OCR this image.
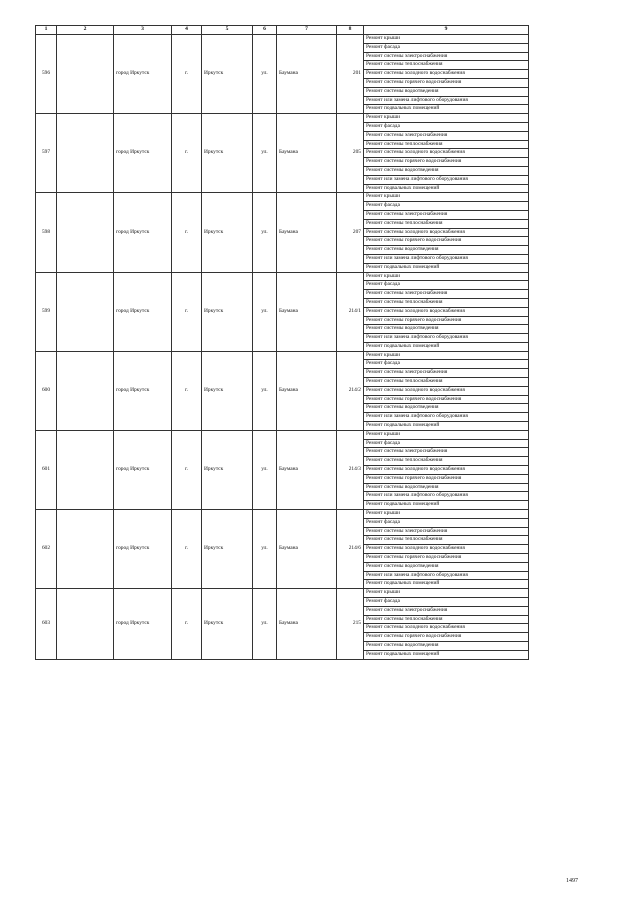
1	2	3	4	5	6	7	8	9
596		город Иркутск	г.	Иркутск	ул.	Баумана	201	Ремонт крыши
								Ремонт фасада
								Ремонт системы электроснабжения
								Ремонт системы теплоснабжения
								Ремонт системы холодного водоснабжения
								Ремонт системы горячего водоснабжения
								Ремонт системы водоотведения
								Ремонт или замена лифтового оборудования
								Ремонт подвальных помещений
597		город Иркутск	г.	Иркутск	ул.	Баумана	205	Ремонт крыши
								Ремонт фасада
								Ремонт системы электроснабжения
								Ремонт системы теплоснабжения
								Ремонт системы холодного водоснабжения
								Ремонт системы горячего водоснабжения
								Ремонт системы водоотведения
								Ремонт или замена лифтового оборудования
								Ремонт подвальных помещений
598		город Иркутск	г.	Иркутск	ул.	Баумана	207	Ремонт крыши
								Ремонт фасада
								Ремонт системы электроснабжения
								Ремонт системы теплоснабжения
								Ремонт системы холодного водоснабжения
								Ремонт системы горячего водоснабжения
								Ремонт системы водоотведения
								Ремонт или замена лифтового оборудования
								Ремонт подвальных помещений
599		город Иркутск	г.	Иркутск	ул.	Баумана	214/1	Ремонт крыши
								Ремонт фасада
								Ремонт системы электроснабжения
								Ремонт системы теплоснабжения
								Ремонт системы холодного водоснабжения
								Ремонт системы горячего водоснабжения
								Ремонт системы водоотведения
								Ремонт или замена лифтового оборудования
								Ремонт подвальных помещений
600		город Иркутск	г.	Иркутск	ул.	Баумана	214/2	Ремонт крыши
								Ремонт фасада
								Ремонт системы электроснабжения
								Ремонт системы теплоснабжения
								Ремонт системы холодного водоснабжения
								Ремонт системы горячего водоснабжения
								Ремонт системы водоотведения
								Ремонт или замена лифтового оборудования
								Ремонт подвальных помещений
601		город Иркутск	г.	Иркутск	ул.	Баумана	214/3	Ремонт крыши
								Ремонт фасада
								Ремонт системы электроснабжения
								Ремонт системы теплоснабжения
								Ремонт системы холодного водоснабжения
								Ремонт системы горячего водоснабжения
								Ремонт системы водоотведения
								Ремонт или замена лифтового оборудования
								Ремонт подвальных помещений
602		город Иркутск	г.	Иркутск	ул.	Баумана	214/6	Ремонт крыши
								Ремонт фасада
								Ремонт системы электроснабжения
								Ремонт системы теплоснабжения
								Ремонт системы холодного водоснабжения
								Ремонт системы горячего водоснабжения
								Ремонт системы водоотведения
								Ремонт или замена лифтового оборудования
								Ремонт подвальных помещений
603		город Иркутск	г.	Иркутск	ул.	Баумана	215	Ремонт крыши
								Ремонт фасада
								Ремонт системы электроснабжения
								Ремонт системы теплоснабжения
								Ремонт системы холодного водоснабжения
								Ремонт системы горячего водоснабжения
								Ремонт системы водоотведения
								Ремонт подвальных помещений
1497
